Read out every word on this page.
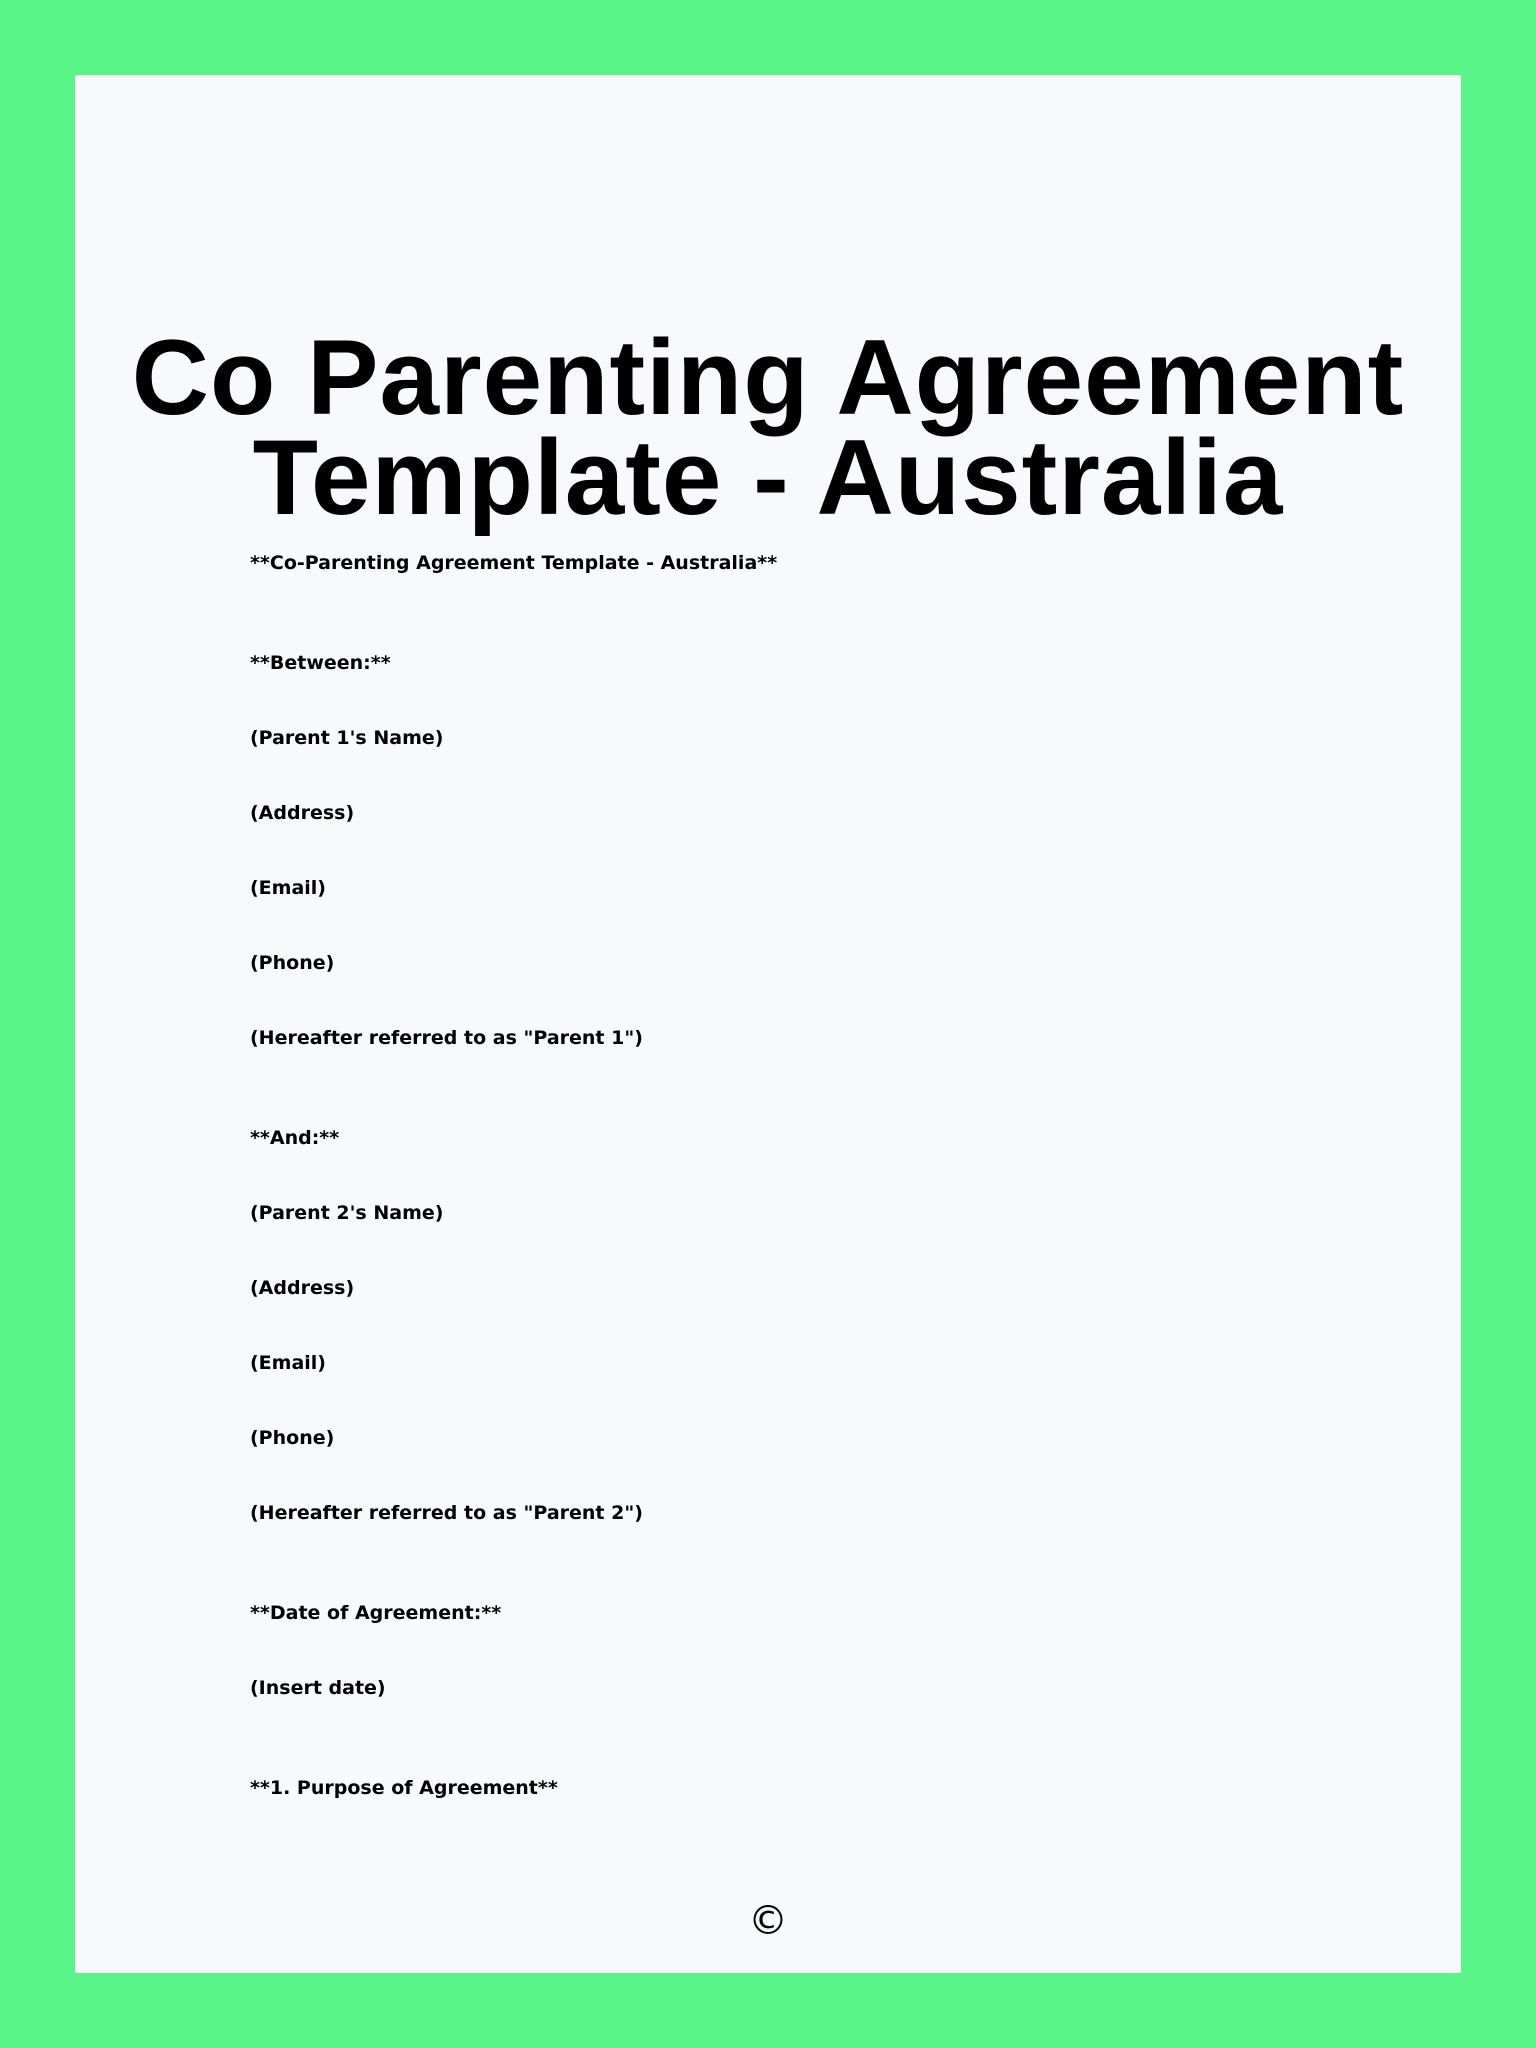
Co Parenting Agreement
Template - Australia

**Co-Parenting Agreement Template - Australia**

**Between:**

(Parent 1's Name)

(Address)

(Email)

(Phone)

(Hereafter referred to as "Parent 1")

**And:**

(Parent 2's Name)

(Address)

(Email)

(Phone)

(Hereafter referred to as "Parent 2")

**Date of Agreement:**

(Insert date)

**1. Purpose of Agreement**

©
